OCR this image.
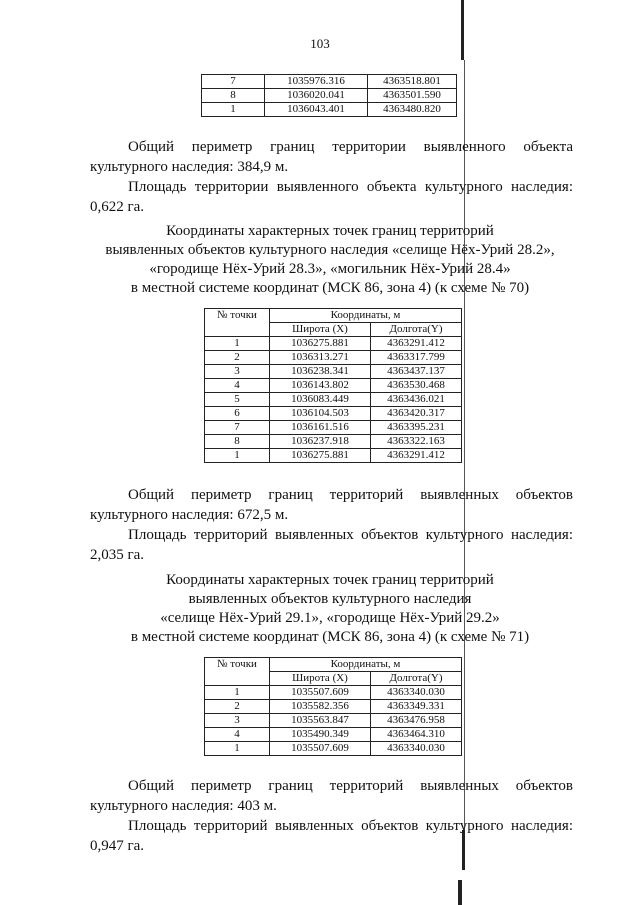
103
7	1035976.316	4363518.801
8	1036020.041	4363501.590
1	1036043.401	4363480.820

Общий периметр границ территории выявленного объекта культурного наследия: 384,9 м.

Площадь территории выявленного объекта культурного наследия: 0,622 га.

Координаты характерных точек границ территорий
выявленных объектов культурного наследия «селище Нёх-Урий 28.2»,
«городище Нёх-Урий 28.3», «могильник Нёх-Урий 28.4»
в местной системе координат (МСК 86, зона 4) (к схеме № 70)
№ точки	Координаты, м	
	Широта (X)	Долгота(Y)
1	1036275.881	4363291.412
2	1036313.271	4363317.799
3	1036238.341	4363437.137
4	1036143.802	4363530.468
5	1036083.449	4363436.021
6	1036104.503	4363420.317
7	1036161.516	4363395.231
8	1036237.918	4363322.163
1	1036275.881	4363291.412

Общий периметр границ территорий выявленных объектов культурного наследия: 672,5 м.

Площадь территорий выявленных объектов культурного наследия: 2,035 га.

Координаты характерных точек границ территорий
выявленных объектов культурного наследия
«селище Нёх-Урий 29.1», «городище Нёх-Урий 29.2»
в местной системе координат (МСК 86, зона 4) (к схеме № 71)
№ точки	Координаты, м	
	Широта (X)	Долгота(Y)
1	1035507.609	4363340.030
2	1035582.356	4363349.331
3	1035563.847	4363476.958
4	1035490.349	4363464.310
1	1035507.609	4363340.030

Общий периметр границ территорий выявленных объектов культурного наследия: 403 м.

Площадь территорий выявленных объектов культурного наследия: 0,947 га.
